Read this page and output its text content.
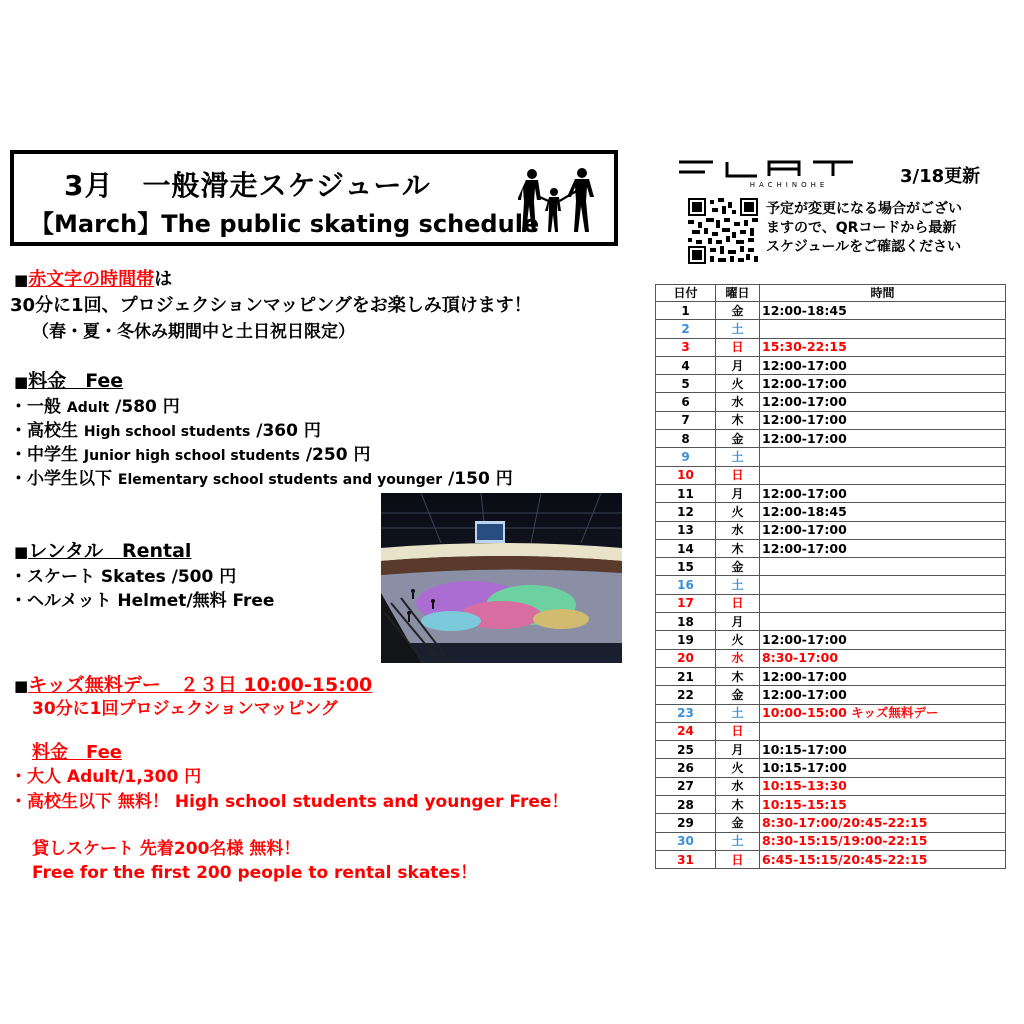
3月　一般滑走スケジュール
【March】The public skating schedule
HACHINOHE	3/18更新
予定が変更になる場合がござい
ますので、QRコードから最新
スケジュールをご確認ください
■赤文字の時間帯は
30分に1回、プロジェクションマッピングをお楽しみ頂けます！
（春・夏・冬休み期間中と土日祝日限定）
■料金　Fee
・一般 Adult /580 円
・高校生 High school students /360 円
・中学生 Junior high school students /250 円
・小学生以下 Elementary school students and younger /150 円
■レンタル　Rental
・スケート Skates /500 円
・ヘルメット Helmet/無料 Free
■キッズ無料デー　２３日 10:00-15:00
30分に1回プロジェクションマッピング
料金　Fee
・大人 Adult/1,300 円
・高校生以下 無料！ High school students and younger Free！
貸しスケート 先着200名様 無料！
Free for the first 200 people to rental skates！
日付	曜日	時間
1	金	12:00-18:45
2	土	
3	日	15:30-22:15
4	月	12:00-17:00
5	火	12:00-17:00
6	水	12:00-17:00
7	木	12:00-17:00
8	金	12:00-17:00
9	土	
10	日	
11	月	12:00-17:00
12	火	12:00-18:45
13	水	12:00-17:00
14	木	12:00-17:00
15	金	
16	土	
17	日	
18	月	
19	火	12:00-17:00
20	水	8:30-17:00
21	木	12:00-17:00
22	金	12:00-17:00
23	土	10:00-15:00 キッズ無料デー
24	日	
25	月	10:15-17:00
26	火	10:15-17:00
27	水	10:15-13:30
28	木	10:15-15:15
29	金	8:30-17:00/20:45-22:15
30	土	8:30-15:15/19:00-22:15
31	日	6:45-15:15/20:45-22:15
